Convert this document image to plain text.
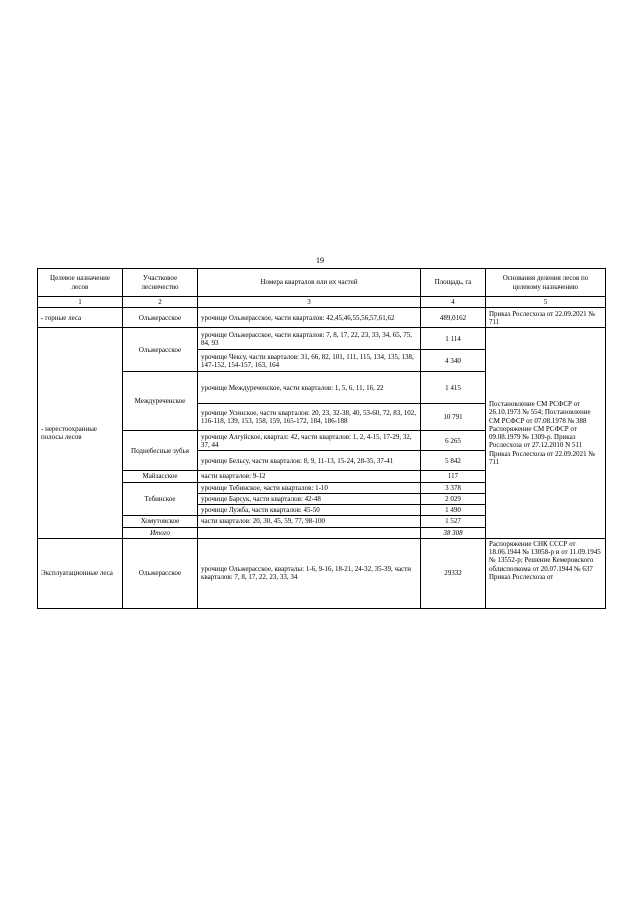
19
Целевое назначение лесов	Участковое лесничество	Номера кварталов или их частей	Площадь, га	Основания деления лесов по целевому назначению
1	2	3	4	5
- горные леса	Ольжерасское	урочище Ольжерасское, части кварталов: 42,45,46,55,56,57,61,62	489,0162	Приказ Рослесхоза от 22.09.2021 № 711
- нерестоохранные полосы лесов	Ольжерасское	урочище Ольжерасское, части кварталов: 7, 8, 17, 22, 23, 33, 34, 65, 75, 84, 93	1 114	Постановление СМ РСФСР от 26.10.1973 № 554; Постановление СМ РСФСР от 07.08.1978 № 388 Распоряжение СМ РСФСР от 09.08.1979 № 1309-р. Приказ Рослесхоза от 27.12.2010 N 511 Приказ Рослесхоза от 22.09.2021 № 711
		урочище Чексу, части кварталов: 31, 66, 82, 101, 111, 115, 134, 135, 138, 147-152, 154-157, 163, 164	4 340	
	Междуреченское	урочище Междуреченское, части кварталов: 1, 5, 6, 11, 16, 22	1 415	
		урочище Усинское, части кварталов: 20, 23, 32-38, 40, 53-60, 72, 83, 102, 116-118, 139, 153, 158, 159, 165-172, 184, 186-188	10 791	
	Поднебесные зубья	урочище Алгуйское, квартал: 42, части кварталов: 1, 2, 4-15, 17-29, 32, 37, 44	6 265	
		урочище Бельсу, части кварталов: 8, 9, 11-13, 15-24, 28-35, 37-41	5 842	
	Майзасское	части кварталов: 9-12	117	
	Тебинское	урочище Тебинское, части кварталов: 1-10	3 378	
		урочище Барсук, части кварталов: 42-48	2 029	
		урочище Лужба, части кварталов: 45-50	1 490	
	Хомутовское	части кварталов: 20, 30, 45, 59, 77, 98-100	1 527	
	Итого		38 308	
Эксплуатационные леса	Ольжерасское	урочище Ольжерасское, кварталы: 1-6, 9-16, 18-21, 24-32, 35-39, части кварталов: 7, 8, 17, 22, 23, 33, 34	29332	Распоряжение СНК СССР от 18.06.1944 № 13058-р и от 11.09.1945 № 13552-р; Решение Кемеровского облисполкома от 20.07.1944 № 637 Приказ Рослесхоза от
